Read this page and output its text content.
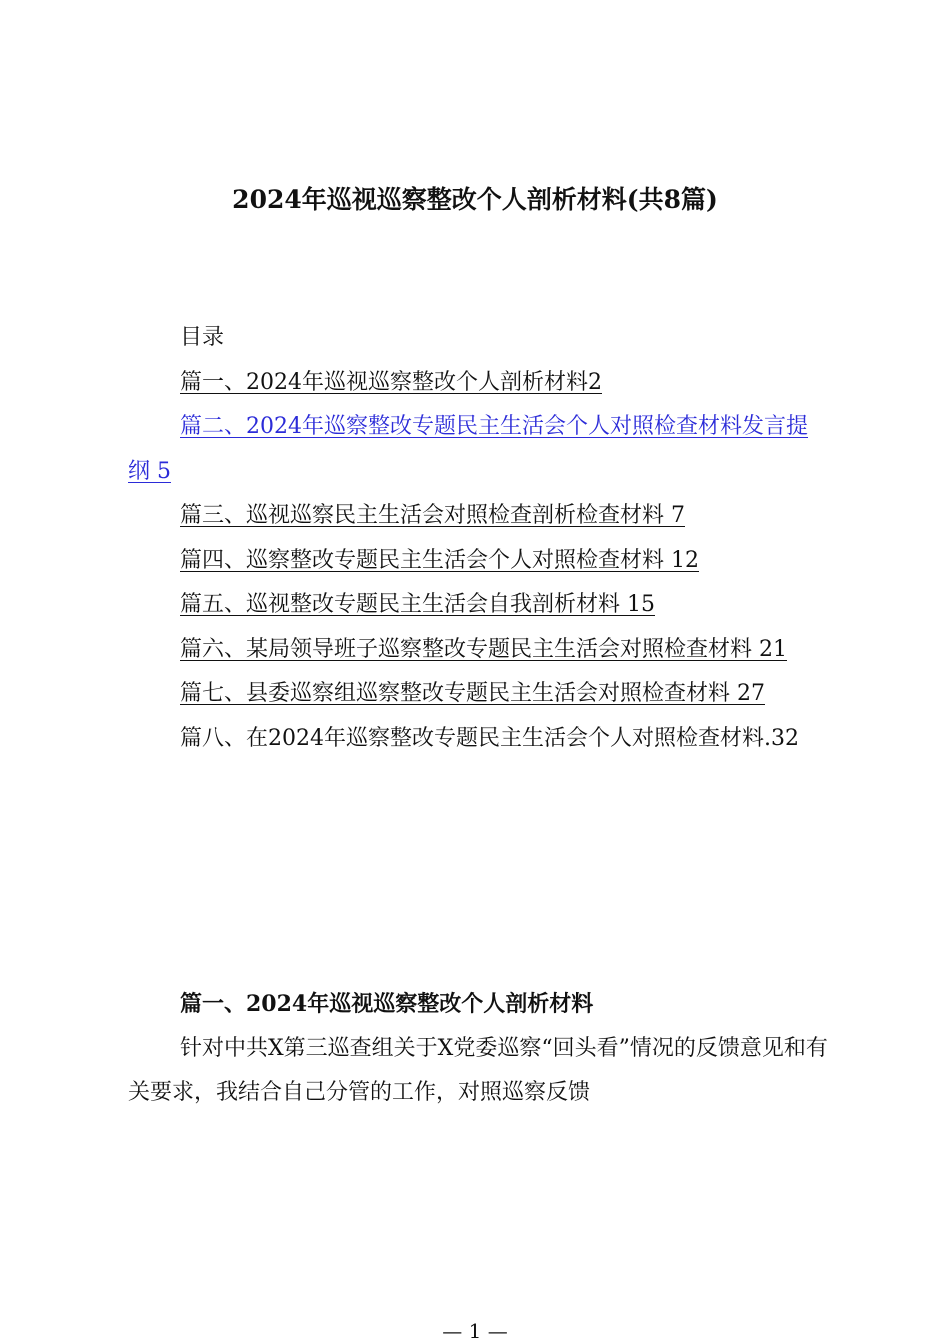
2024年巡视巡察整改个人剖析材料(共8篇)
目录
篇一、2024年巡视巡察整改个人剖析材料2
篇二、2024年巡察整改专题民主生活会个人对照检查材料发言提纲 5
篇三、巡视巡察民主生活会对照检查剖析检查材料 7
篇四、巡察整改专题民主生活会个人对照检查材料 12
篇五、巡视整改专题民主生活会自我剖析材料 15
篇六、某局领导班子巡察整改专题民主生活会对照检查材料 21
篇七、县委巡察组巡察整改专题民主生活会对照检查材料 27
篇八、在2024年巡察整改专题民主生活会个人对照检查材料.32
篇一、2024年巡视巡察整改个人剖析材料
针对中共X第三巡查组关于X党委巡察“回头看”情况的反馈意见和有关要求，我结合自己分管的工作，对照巡察反馈
— 1 —
